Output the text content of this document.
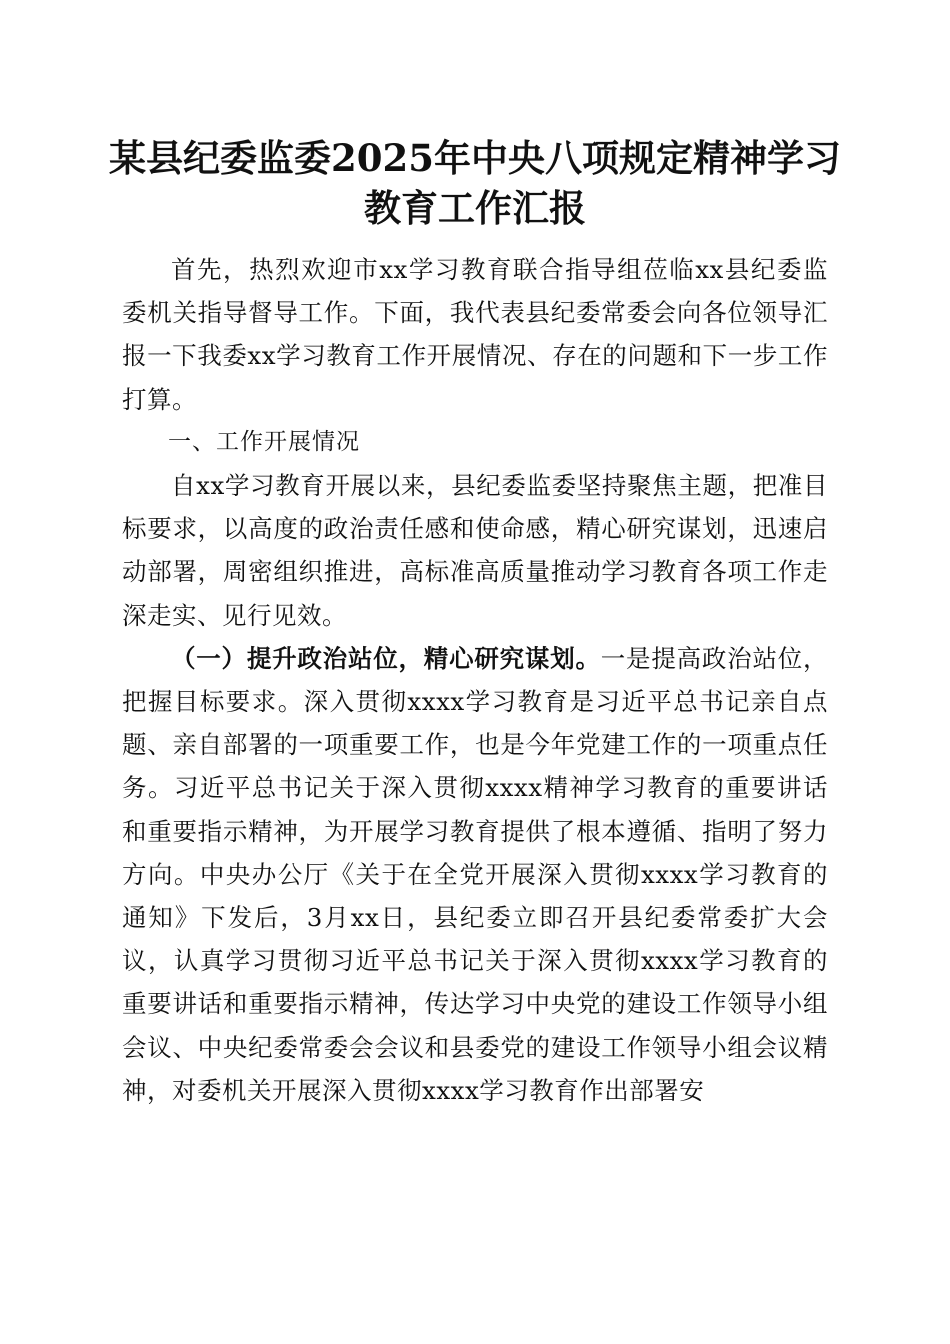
某县纪委监委2025年中央八项规定精神学习
教育工作汇报

首先，热烈欢迎市xx学习教育联合指导组莅临xx县纪委监委机关指导督导工作。下面，我代表县纪委常委会向各位领导汇报一下我委xx学习教育工作开展情况、存在的问题和下一步工作打算。

一、工作开展情况

自xx学习教育开展以来，县纪委监委坚持聚焦主题，把准目标要求，以高度的政治责任感和使命感，精心研究谋划，迅速启动部署，周密组织推进，高标准高质量推动学习教育各项工作走深走实、见行见效。

（一）提升政治站位，精心研究谋划。一是提高政治站位，把握目标要求。深入贯彻xxxx学习教育是习近平总书记亲自点题、亲自部署的一项重要工作，也是今年党建工作的一项重点任务。习近平总书记关于深入贯彻xxxx精神学习教育的重要讲话和重要指示精神，为开展学习教育提供了根本遵循、指明了努力方向。中央办公厅《关于在全党开展深入贯彻xxxx学习教育的通知》下发后，3月xx日，县纪委立即召开县纪委常委扩大会议，认真学习贯彻习近平总书记关于深入贯彻xxxx学习教育的重要讲话和重要指示精神，传达学习中央党的建设工作领导小组会议、中央纪委常委会会议和县委党的建设工作领导小组会议精神，对委机关开展深入贯彻xxxx学习教育作出部署安
